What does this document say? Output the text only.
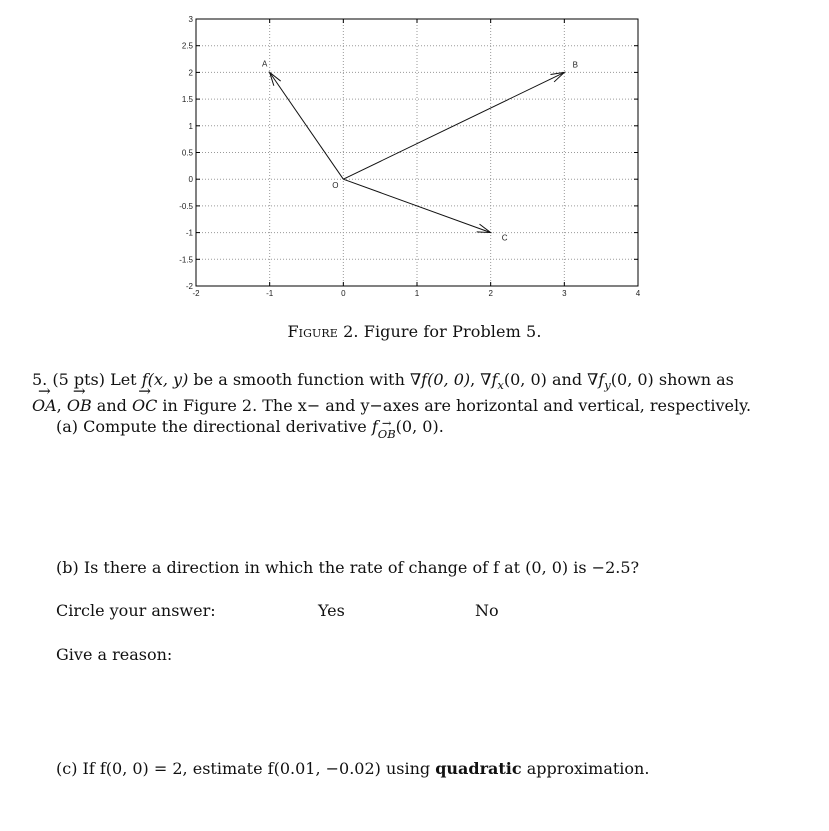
-2	-1	0	1	2	3	4
-2
-1.5
-1
-0.5
0
0.5
1
1.5
2
2.5
3
A	B
C
O
Figure 2. Figure for Problem 5.
5. (5 pts) Let f(x, y) be a smooth function with ∇f(0, 0), $\nabla f_x(0$, 0) and $\nabla f_y(0$, 0) shown as
→ OA, → OB and → OC in Figure 2. The x− and y−axes are horizontal and vertical, respectively.
(a) Compute the directional derivative f→ OB(0, 0).
(b) Is there a direction in which the rate of change of f at (0, 0) is −2.5?
Circle your answer:	Yes	No
Give a reason:
(c) If f(0, 0) = 2, estimate f(0.01, −0.02) using quadratic approximation.
